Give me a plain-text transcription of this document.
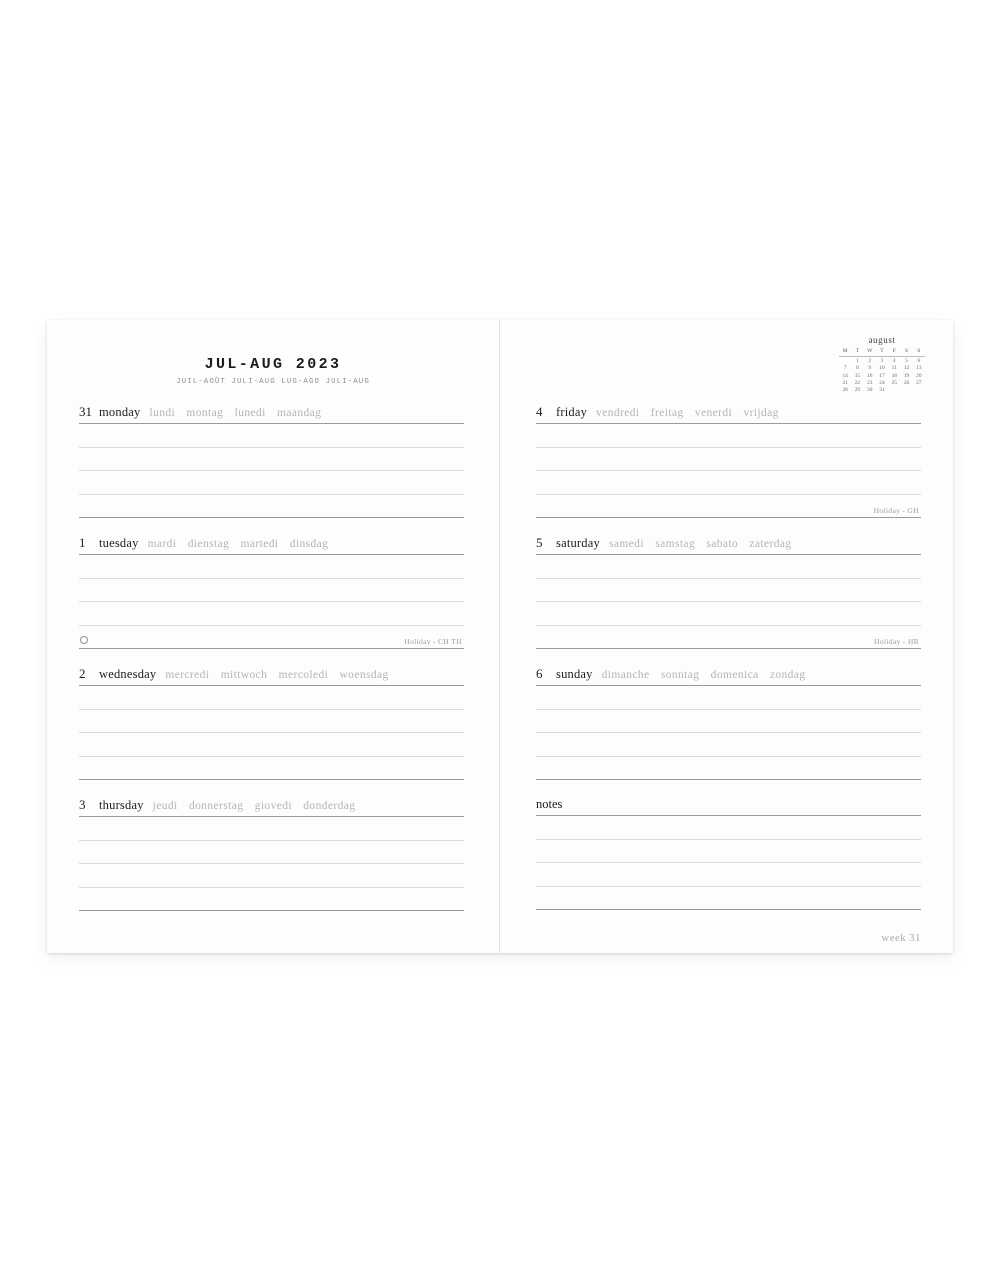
JUL-AUG 2023
JUIL-AOÛT JULI-AUG LUG-AGO JULI-AUG
31 monday lundi montag lunedi maandag
1	tuesday mardi dienstag martedi dinsdag
Holiday - CH TH
2	wednesday mercredi mittwoch mercoledi woensdag
3	thursday jeudi donnerstag giovedi donderdag
august
M	T	W	T	F	S	S
	1	2	3	4	5	6
7	8	9	10	11	12	13
14	15	16	17	18	19	20
21	22	23	24	25	26	27
28	29	30	31			
4	friday vendredi freitag venerdi vrijdag
Holiday - GH
5	saturday samedi samstag sabato zaterdag
Holiday - HR
6	sunday dimanche sonntag domenica zondag
notes
week 31
